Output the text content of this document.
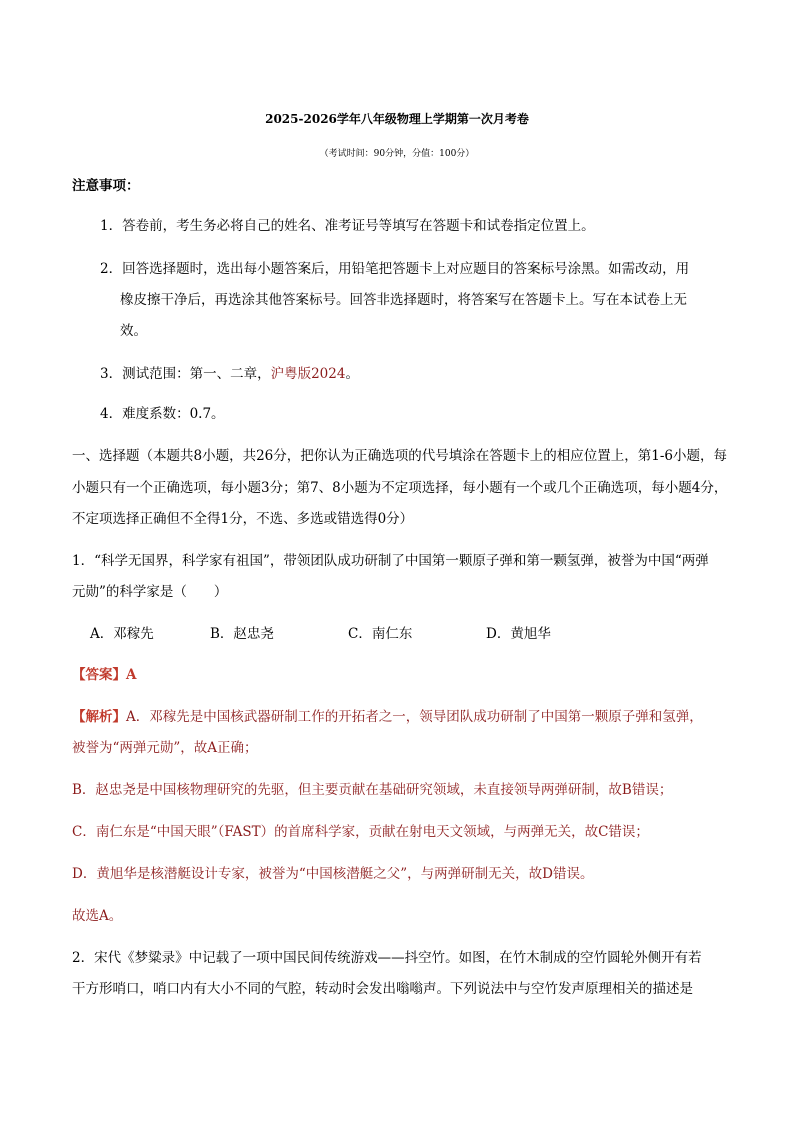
2025-2026学年八年级物理上学期第一次月考卷
（考试时间：90分钟，分值：100分）
注意事项：
1．答卷前，考生务必将自己的姓名、准考证号等填写在答题卡和试卷指定位置上。
2．回答选择题时，选出每小题答案后，用铅笔把答题卡上对应题目的答案标号涂黑。如需改动，用
橡皮擦干净后，再选涂其他答案标号。回答非选择题时，将答案写在答题卡上。写在本试卷上无
效。
3．测试范围：第一、二章，沪粤版2024。
4．难度系数：0.7。
一、选择题（本题共8小题，共26分，把你认为正确选项的代号填涂在答题卡上的相应位置上，第1-6小题，每
小题只有一个正确选项，每小题3分；第7、8小题为不定项选择，每小题有一个或几个正确选项，每小题4分，
不定项选择正确但不全得1分，不选、多选或错选得0分）
1．“科学无国界，科学家有祖国”，带领团队成功研制了中国第一颗原子弹和第一颗氢弹，被誉为中国“两弹
元勋”的科学家是（　　）
A．邓稼先	B．赵忠尧	C．南仁东	D．黄旭华
【答案】A
【解析】A．邓稼先是中国核武器研制工作的开拓者之一，领导团队成功研制了中国第一颗原子弹和氢弹，
被誉为“两弹元勋”，故A正确；
B．赵忠尧是中国核物理研究的先驱，但主要贡献在基础研究领域，未直接领导两弹研制，故B错误；
C．南仁东是“中国天眼”（FAST）的首席科学家，贡献在射电天文领域，与两弹无关，故C错误；
D．黄旭华是核潜艇设计专家，被誉为“中国核潜艇之父”，与两弹研制无关，故D错误。
故选A。
2．宋代《梦粱录》中记载了一项中国民间传统游戏——抖空竹。如图，在竹木制成的空竹圆轮外侧开有若
干方形哨口，哨口内有大小不同的气腔，转动时会发出嗡嗡声。下列说法中与空竹发声原理相关的描述是
